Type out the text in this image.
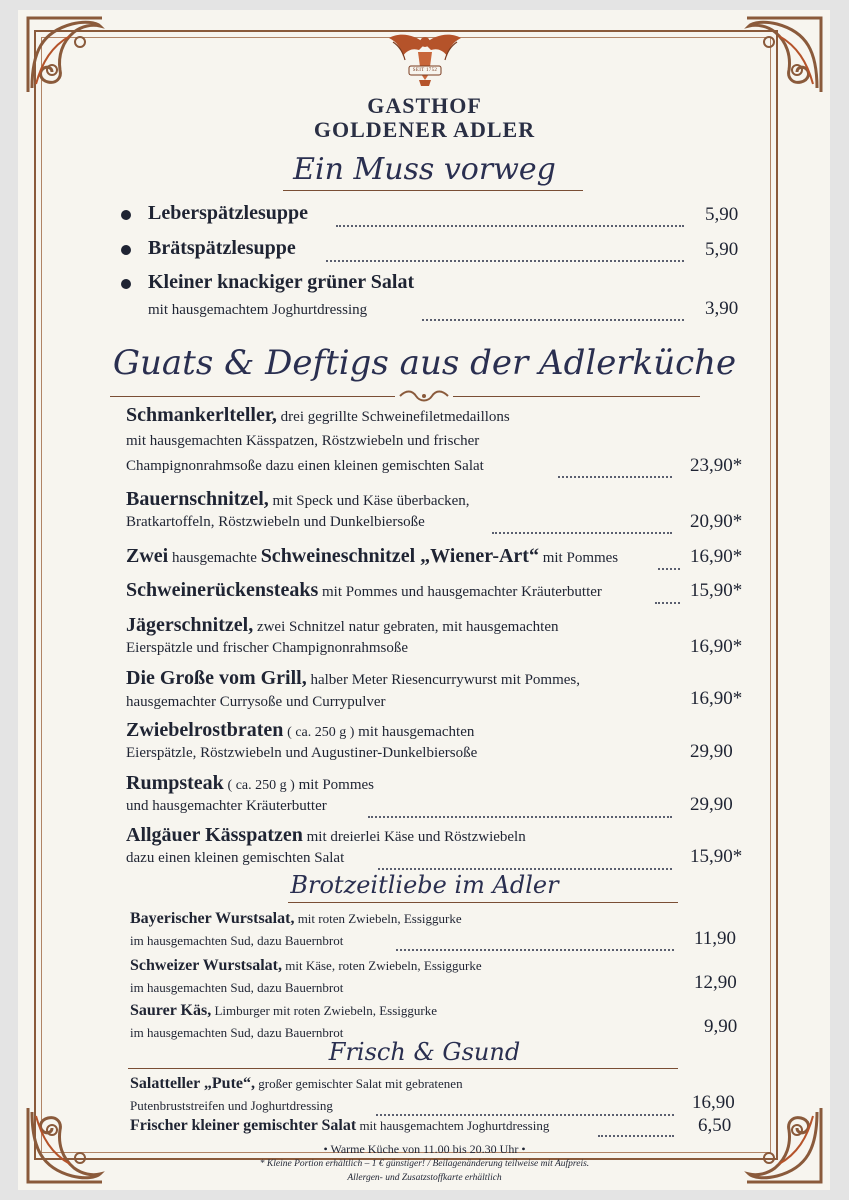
SEIT 1752
GASTHOF
GOLDENER ADLER
Ein Muss vorweg
Leberspätzlesuppe	5,90
Brätspätzlesuppe	5,90
Kleiner knackiger grüner Salat
mit hausgemachtem Joghurtdressing	3,90
Guats & Deftigs aus der Adlerküche
Schmankerlteller, drei gegrillte Schweinefiletmedaillons
mit hausgemachten Kässpatzen, Röstzwiebeln und frischer
Champignonrahmsoße dazu einen kleinen gemischten Salat	23,90*
Bauernschnitzel, mit Speck und Käse überbacken,
Bratkartoffeln, Röstzwiebeln und Dunkelbiersoße	20,90*
Zwei hausgemachte Schweineschnitzel „Wiener-Art“ mit Pommes	16,90*
Schweinerückensteaks mit Pommes und hausgemachter Kräuterbutter	15,90*
Jägerschnitzel, zwei Schnitzel natur gebraten, mit hausgemachten
Eierspätzle und frischer Champignonrahmsoße	16,90*
Die Große vom Grill, halber Meter Riesencurrywurst mit Pommes,
hausgemachter Currysoße und Currypulver	16,90*
Zwiebelrostbraten ( ca. 250 g ) mit hausgemachten
Eierspätzle, Röstzwiebeln und Augustiner-Dunkelbiersoße	29,90
Rumpsteak ( ca. 250 g ) mit Pommes
und hausgemachter Kräuterbutter	29,90
Allgäuer Kässpatzen mit dreierlei Käse und Röstzwiebeln
dazu einen kleinen gemischten Salat	15,90*
Brotzeitliebe im Adler
Bayerischer Wurstsalat, mit roten Zwiebeln, Essiggurke
im hausgemachten Sud, dazu Bauernbrot	11,90
Schweizer Wurstsalat, mit Käse, roten Zwiebeln, Essiggurke
im hausgemachten Sud, dazu Bauernbrot	12,90
Saurer Käs, Limburger mit roten Zwiebeln, Essiggurke
im hausgemachten Sud, dazu Bauernbrot	9,90
Frisch & Gsund
Salatteller „Pute“, großer gemischter Salat mit gebratenen
Putenbruststreifen und Joghurtdressing	16,90
Frischer kleiner gemischter Salat mit hausgemachtem Joghurtdressing	6,50
• Warme Küche von 11.00 bis 20.30 Uhr •
* Kleine Portion erhältlich – 1 € günstiger! / Beilagenänderung teilweise mit Aufpreis.
Allergen- und Zusatzstoffkarte erhältlich
